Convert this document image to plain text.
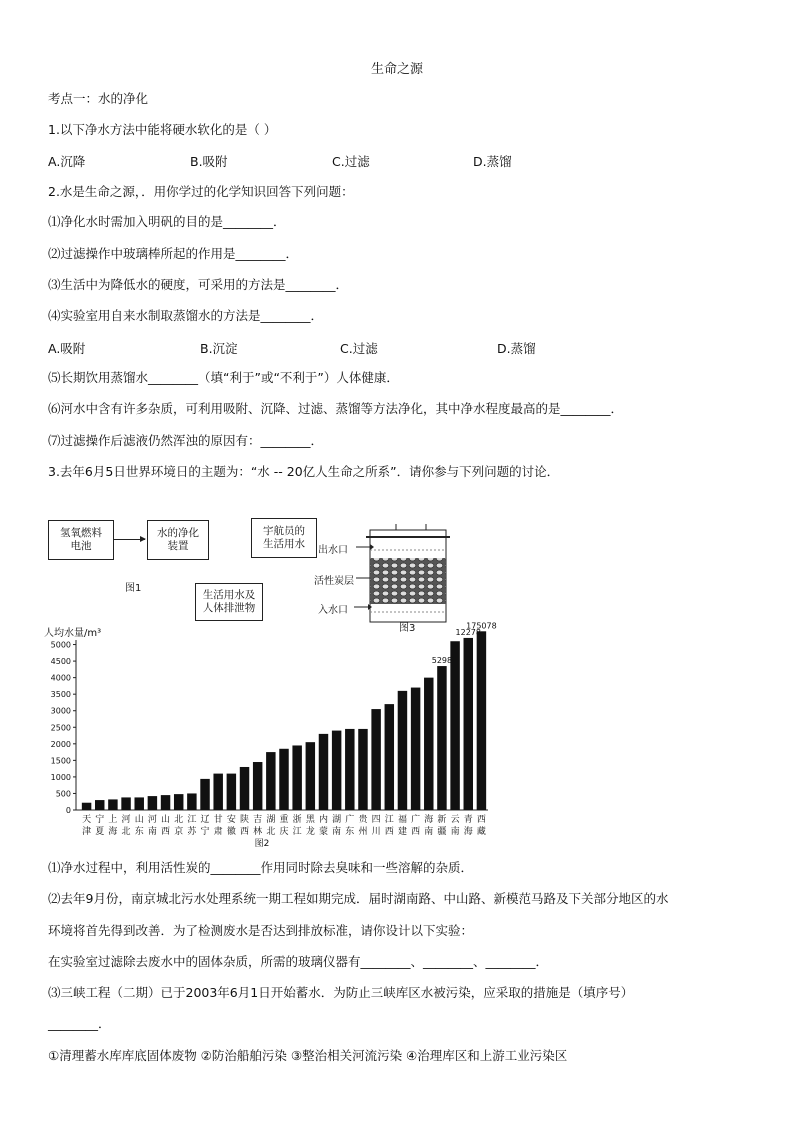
生命之源
考点一：水的净化
1.以下净水方法中能将硬水软化的是（ ）
A.沉降	B.吸附	C.过滤	D.蒸馏
2.水是生命之源，．用你学过的化学知识回答下列问题：
⑴净化水时需加入明矾的目的是________．
⑵过滤操作中玻璃棒所起的作用是________．
⑶生活中为降低水的硬度，可采用的方法是________．
⑷实验室用自来水制取蒸馏水的方法是________．
A.吸附	B.沉淀	C.过滤	D.蒸馏
⑸长期饮用蒸馏水________（填“利于”或“不利于”）人体健康．
⑹河水中含有许多杂质，可利用吸附、沉降、过滤、蒸馏等方法净化，其中净水程度最高的是________．
⑺过滤操作后滤液仍然浑浊的原因有：________．
3.去年6月5日世界环境日的主题为：“水 -- 20亿人生命之所系”．请你参与下列问题的讨论．
氢氧燃料
电池
水的净化
装置
宇航员的
生活用水
生活用水及
人体排泄物
图1
出水口
活性炭层
入水口
图3
人均水量/m³
0
500
1000
1500
2000
2500
3000
3500
4000
4500
5000
天
津
宁
夏
上
海
河
北
山
东
河
南
山
西
北
京
江
苏
辽
宁
甘
肃
安
徽
陕
西
吉
林
湖
北
重
庆
浙
江
黑
龙
内
蒙
湖
南
广
东
贵
州
四
川
江
西
福
建
广
西
海
南
新
疆
云
南
青
海
西
藏
5298
12278
175078
图2
⑴净水过程中，利用活性炭的________作用同时除去臭味和一些溶解的杂质．
⑵去年9月份，南京城北污水处理系统一期工程如期完成．届时湖南路、中山路、新模范马路及下关部分地区的水
环境将首先得到改善．为了检测废水是否达到排放标准，请你设计以下实验：
在实验室过滤除去废水中的固体杂质，所需的玻璃仪器有________、________、________．
⑶三峡工程（二期）已于2003年6月1日开始蓄水．为防止三峡库区水被污染，应采取的措施是（填序号）
________．
①清理蓄水库库底固体废物 ②防治船舶污染 ③整治相关河流污染 ④治理库区和上游工业污染区
